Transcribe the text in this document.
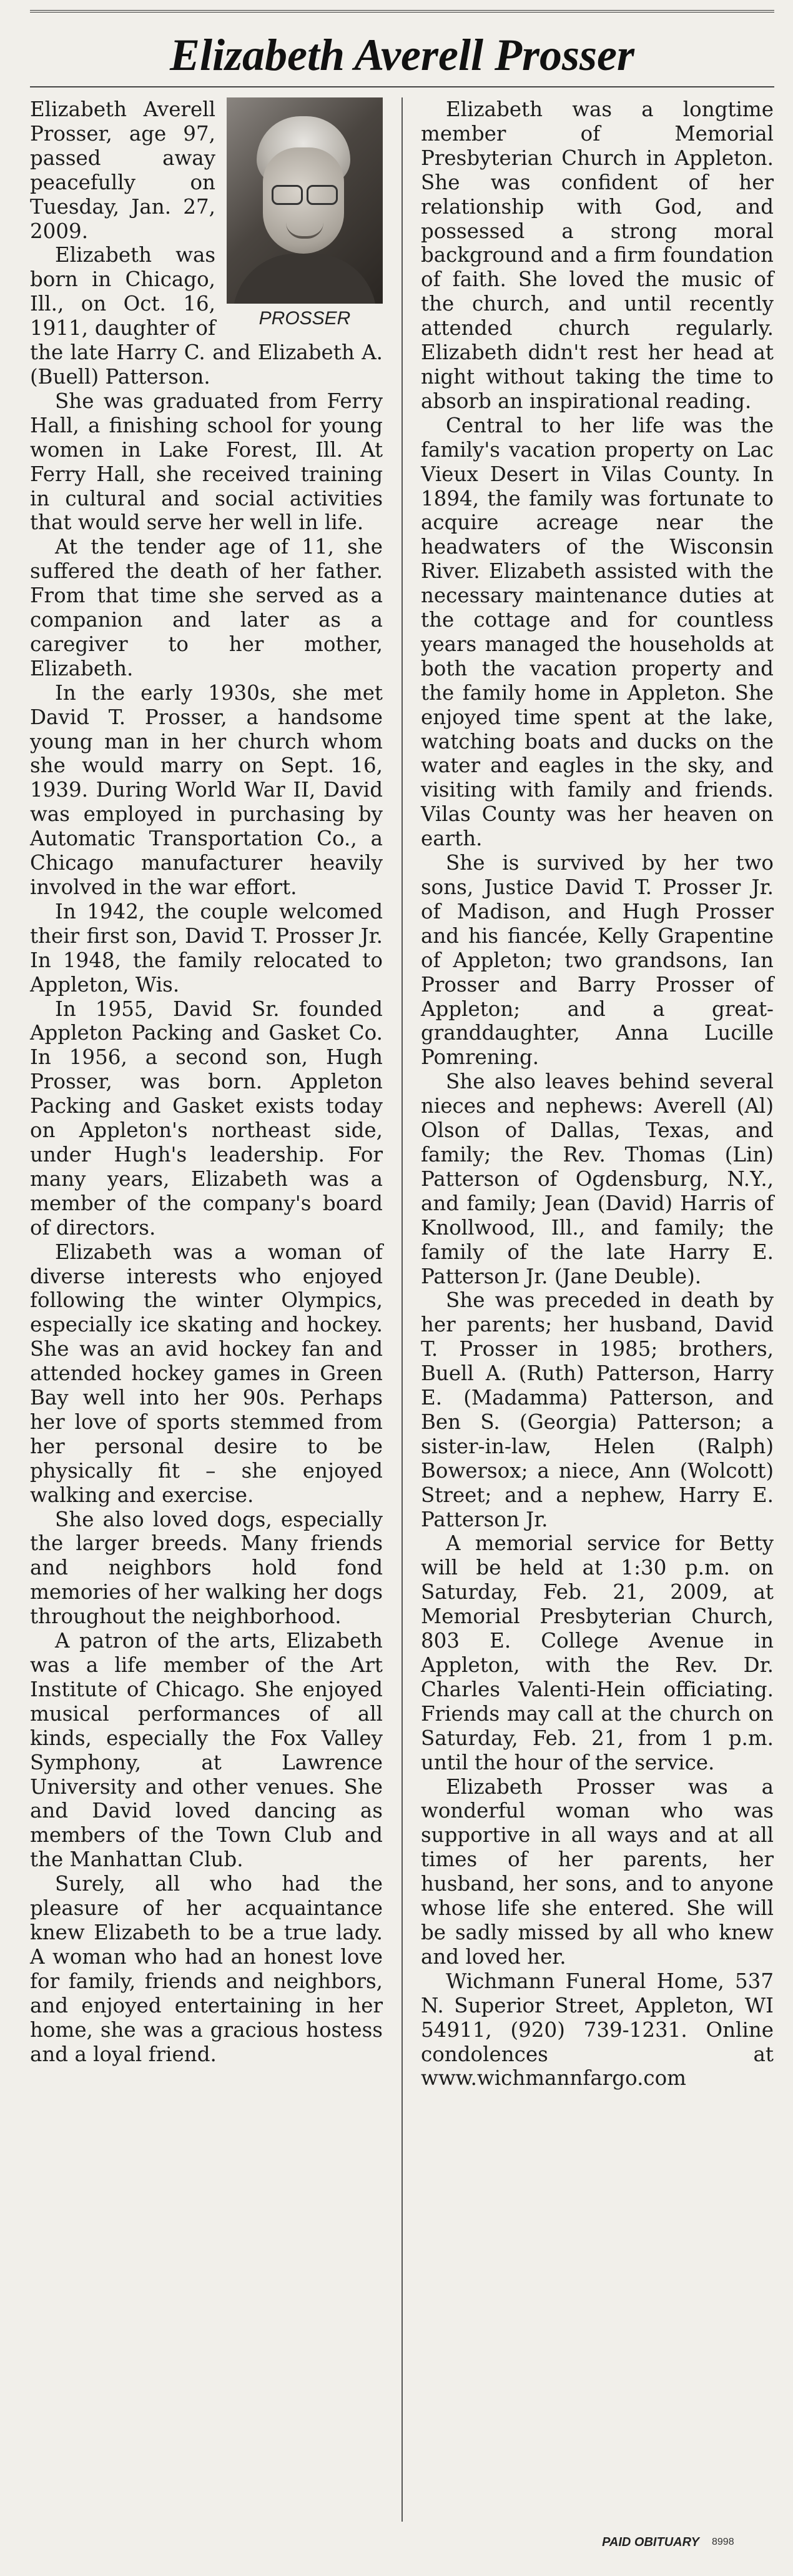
Elizabeth Averell Prosser
PROSSER

Elizabeth Averell Prosser, age 97, passed away peacefully on Tuesday, Jan. 27, 2009.

Elizabeth was born in Chicago, Ill., on Oct. 16, 1911, daughter of the late Harry C. and Elizabeth A. (Buell) Patterson.

She was graduated from Ferry Hall, a finishing school for young women in Lake Forest, Ill. At Ferry Hall, she received training in cultural and social activities that would serve her well in life.

At the tender age of 11, she suffered the death of her father. From that time she served as a companion and later as a caregiver to her mother, Elizabeth.

In the early 1930s, she met David T. Prosser, a handsome young man in her church whom she would marry on Sept. 16, 1939. During World War II, David was employed in purchasing by Automatic Transportation Co., a Chicago manufacturer heavily involved in the war effort.

In 1942, the couple welcomed their first son, David T. Prosser Jr. In 1948, the family relocated to Appleton, Wis.

In 1955, David Sr. founded Appleton Packing and Gasket Co. In 1956, a second son, Hugh Prosser, was born. Appleton Packing and Gasket exists today on Appleton's northeast side, under Hugh's leadership. For many years, Elizabeth was a member of the company's board of directors.

Elizabeth was a woman of diverse interests who enjoyed following the winter Olympics, especially ice skating and hockey. She was an avid hockey fan and attended hockey games in Green Bay well into her 90s. Perhaps her love of sports stemmed from her personal desire to be physically fit – she enjoyed walking and exercise.

She also loved dogs, especially the larger breeds. Many friends and neighbors hold fond memories of her walking her dogs throughout the neighborhood.

A patron of the arts, Elizabeth was a life member of the Art Institute of Chicago. She enjoyed musical performances of all kinds, especially the Fox Valley Symphony, at Lawrence University and other venues. She and David loved dancing as members of the Town Club and the Manhattan Club.

Surely, all who had the pleasure of her acquaintance knew Elizabeth to be a true lady. A woman who had an honest love for family, friends and neighbors, and enjoyed entertaining in her home, she was a gracious hostess and a loyal friend.

Elizabeth was a longtime member of Memorial Presbyterian Church in Appleton. She was confident of her relationship with God, and possessed a strong moral background and a firm foundation of faith. She loved the music of the church, and until recently attended church regularly. Elizabeth didn't rest her head at night without taking the time to absorb an inspirational reading.

Central to her life was the family's vacation property on Lac Vieux Desert in Vilas County. In 1894, the family was fortunate to acquire acreage near the headwaters of the Wisconsin River. Elizabeth assisted with the necessary maintenance duties at the cottage and for countless years managed the households at both the vacation property and the family home in Appleton. She enjoyed time spent at the lake, watching boats and ducks on the water and eagles in the sky, and visiting with family and friends. Vilas County was her heaven on earth.

She is survived by her two sons, Justice David T. Prosser Jr. of Madison, and Hugh Prosser and his fiancée, Kelly Grapentine of Appleton; two grandsons, Ian Prosser and Barry Prosser of Appleton; and a great-granddaughter, Anna Lucille Pomrening.

She also leaves behind several nieces and nephews: Averell (Al) Olson of Dallas, Texas, and family; the Rev. Thomas (Lin) Patterson of Ogdensburg, N.Y., and family; Jean (David) Harris of Knollwood, Ill., and family; the family of the late Harry E. Patterson Jr. (Jane Deuble).

She was preceded in death by her parents; her husband, David T. Prosser in 1985; brothers, Buell A. (Ruth) Patterson, Harry E. (Madamma) Patterson, and Ben S. (Georgia) Patterson; a sister-in-law, Helen (Ralph) Bowersox; a niece, Ann (Wolcott) Street; and a nephew, Harry E. Patterson Jr.

A memorial service for Betty will be held at 1:30 p.m. on Saturday, Feb. 21, 2009, at Memorial Presbyterian Church, 803 E. College Avenue in Appleton, with the Rev. Dr. Charles Valenti-Hein officiating. Friends may call at the church on Saturday, Feb. 21, from 1 p.m. until the hour of the service.

Elizabeth Prosser was a wonderful woman who was supportive in all ways and at all times of her parents, her husband, her sons, and to anyone whose life she entered. She will be sadly missed by all who knew and loved her.

Wichmann Funeral Home, 537 N. Superior Street, Appleton, WI 54911, (920) 739-1231. Online condolences at www.wichmannfargo.com

PAID OBITUARY 8998
